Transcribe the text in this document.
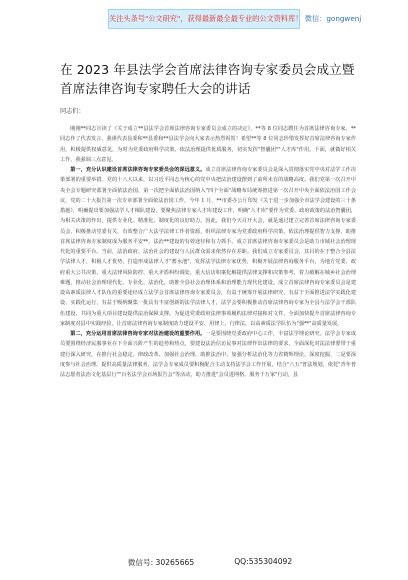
关注头条号"公文研究"，获得最新最全最专业的公文资料库！ 微信：gongwenj
在 2023 年县法学会首席法律咨询专家委员会成立暨首席法律咨询专家聘任大会的讲话
同志们：

刚刚**同志宣读了《关于成立**县法学会首席法律咨询专家委员会成立的决定》，**等 8 位同志聘任为首席法律咨询专家，**同志作了代表发言。我谨代表县委和**县委和**县法学会向大家表示热烈祝贺！希望**等 8 位同志珍惜发挥好首席法律咨询专家作用，积极提供权威意见，为时为党委政府科学决策、依法治理提供优质服务，切实发挥"智囊团""人才库"作用。下面，就做好相关工作，我强调三点意见。

第一，充分认识建设首席法律咨询专家委员会的深远意义。成立首席法律咨询专家委员会是深入贯彻落实党中央对法学工作决策部署的重要举措。党的十八大以来，以习近平同志为核心的党中央把法治建设摆到了前所未有的战略高度。我们党第一次召开中央全会专题研究部署全面依法治国，第一次把全面依法治国纳入"四个全面"战略布局统筹推进第一次召开中央全面依法治国工作会议，党的二十大报告第一次专章部署全面依法治国工作。今年 1 月，**市委办公厅印发《关于进一步加强全市法学会建设的三十条措施》，明确提出要加强法学人才梯队建设，要聚焦法律专家人才库建设工作，明确"人才库"要作为党委、政府政策的法治智囊团，为相关决策的作出，提供专业化、精准化、制度化的良好助力。因此，我们今天召开大会，就是通过建立完善首席法律咨询专家委员会，积极推动党委有关，有效整合广大法学法律工作者资源，组织法律专家为党委政府科学决策、依法治理提供智力支撑，助推首席法律咨询专家制度成为服务平安**、法治**建设的有效途径和有力抓手。成立首席法律咨询专家委员会是助力市域社会治理现代化的重要平台。当前，法治政府、法治社会的建设与人民群众需求依然存在差距。我们成立专家委员会，其目的在于整合全县法学法律人才，积极人才优势，打造形成法律人才"蓄水池"，发挥法学法律专家优势，积极开展法律咨询服务平台，为地方党委、政府重大公共决策、重大法律风险防控、重大矛盾纠纷调处、重大信访积案化解提供法律支撑和决策参考，着力破解在城乡社会治理难题，推动社会治理现代化、专业化、法治化，助推全县社会治理体系和治理能力现代化建设。成立首席法律咨询专家委员会是建设高素质法律人才队伍的重要途径成立法学会首席法律咨询专家委员会，有益于统筹开展法律研究，有益于全面推进法学实践化建设、实践化运行，有益于吸纳聚集一批具有丰富创新的法学法律人才，法学会要积极推动首席法律咨询专家为全县与法学会干部队伍建设，共同为重大项目建设提供法治保障支撑。为促进党委政府法律事项履约法律对接和对文件，全面加快提升首席法律咨询专家制度对县中实践经验，让首席法律咨询专家制度助力建设平安、用律上、行律法，以高素质法学队伍为"强**"高质量发展。

第二，充分运用首席法律咨询专家对法治建设的重要作用。一是要围绕党委政府中心工作，丰富法学理论研究。法学会专家成员要围绕经济民服事业在下全面兴阶产生的趋势和热点，要建设法治信访民事对法律作出法律的要求，全面深化对法法律要带于重建行深入研究，在推行社会稳定、律政改革、加强社会治理、助推法治中，加强分析法治化等力省精辉理论、深度挖掘，二是要深度参与社会治理，提供高质量法律服务，法学会专家成员要积极配合主动支持法学会工作开展，结合"八五"普法规划，依托"青年普法志愿者法治文化基层行""百名法学会百场报告会"等活动，助力推进"会员进网格、服务千万家"行动，县

微信号: 30265665	QQ:535304092
